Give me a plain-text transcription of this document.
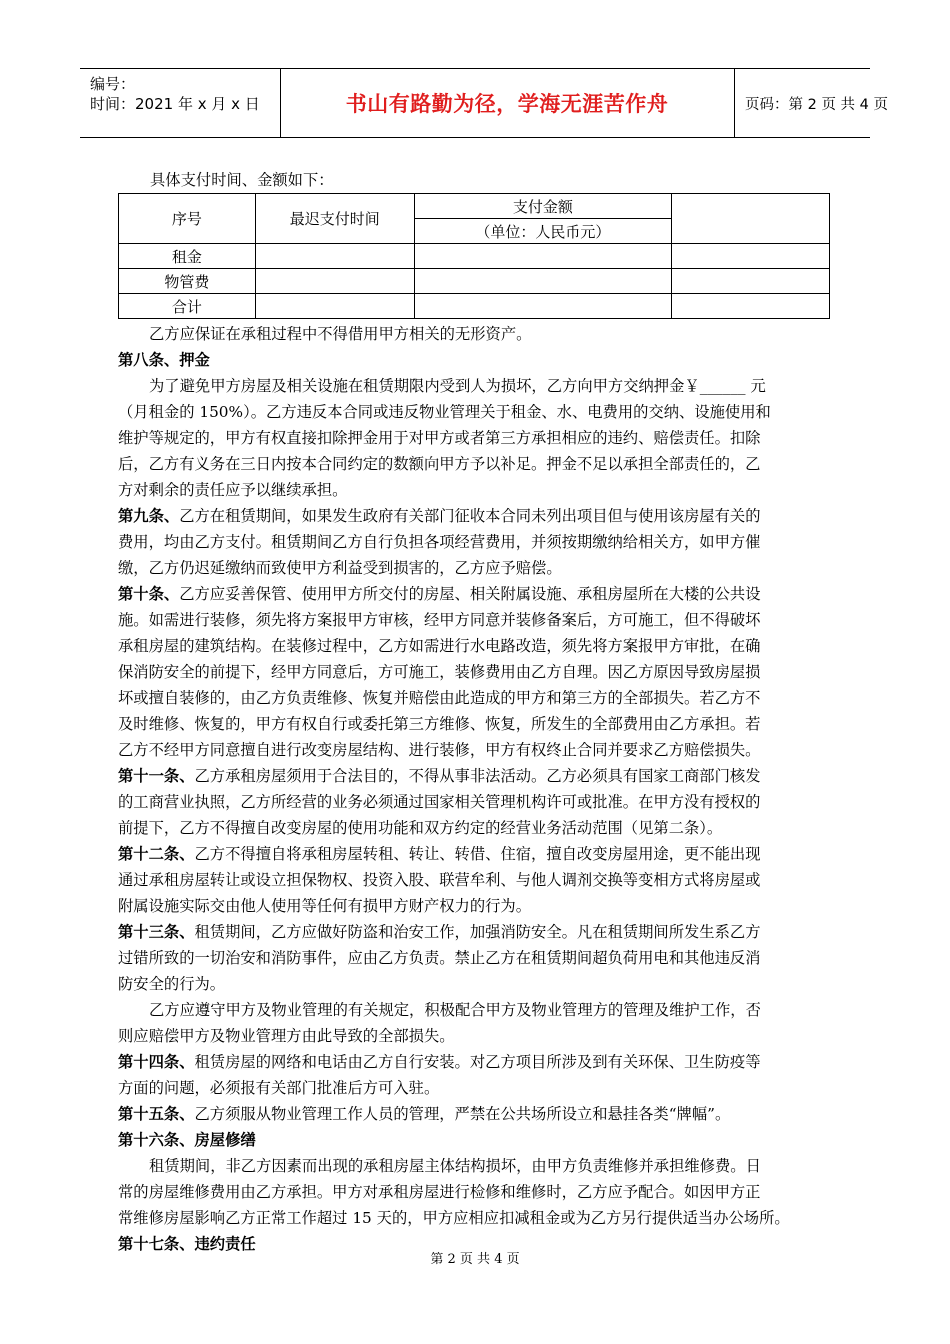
编号：
时间：2021 年 x 月 x 日	书山有路勤为径，学海无涯苦作舟	页码：第 2 页 共 4 页
具体支付时间、金额如下：
序号	最迟支付时间	支付金额	
		（单位：人民币元）	
租金			
物管费			
合计			
乙方应保证在承租过程中不得借用甲方相关的无形资产。
第八条、押金
为了避免甲方房屋及相关设施在租赁期限内受到人为损坏，乙方向甲方交纳押金￥______ 元
（月租金的 150%）。乙方违反本合同或违反物业管理关于租金、水、电费用的交纳、设施使用和
维护等规定的，甲方有权直接扣除押金用于对甲方或者第三方承担相应的违约、赔偿责任。扣除
后，乙方有义务在三日内按本合同约定的数额向甲方予以补足。押金不足以承担全部责任的，乙
方对剩余的责任应予以继续承担。
第九条、乙方在租赁期间，如果发生政府有关部门征收本合同未列出项目但与使用该房屋有关的
费用，均由乙方支付。租赁期间乙方自行负担各项经营费用，并须按期缴纳给相关方，如甲方催
缴，乙方仍迟延缴纳而致使甲方利益受到损害的，乙方应予赔偿。
第十条、乙方应妥善保管、使用甲方所交付的房屋、相关附属设施、承租房屋所在大楼的公共设
施。如需进行装修，须先将方案报甲方审核，经甲方同意并装修备案后，方可施工，但不得破坏
承租房屋的建筑结构。在装修过程中，乙方如需进行水电路改造，须先将方案报甲方审批，在确
保消防安全的前提下，经甲方同意后，方可施工，装修费用由乙方自理。因乙方原因导致房屋损
坏或擅自装修的，由乙方负责维修、恢复并赔偿由此造成的甲方和第三方的全部损失。若乙方不
及时维修、恢复的，甲方有权自行或委托第三方维修、恢复，所发生的全部费用由乙方承担。若
乙方不经甲方同意擅自进行改变房屋结构、进行装修，甲方有权终止合同并要求乙方赔偿损失。
第十一条、乙方承租房屋须用于合法目的，不得从事非法活动。乙方必须具有国家工商部门核发
的工商营业执照，乙方所经营的业务必须通过国家相关管理机构许可或批准。在甲方没有授权的
前提下，乙方不得擅自改变房屋的使用功能和双方约定的经营业务活动范围（见第二条）。
第十二条、乙方不得擅自将承租房屋转租、转让、转借、住宿，擅自改变房屋用途，更不能出现
通过承租房屋转让或设立担保物权、投资入股、联营牟利、与他人调剂交换等变相方式将房屋或
附属设施实际交由他人使用等任何有损甲方财产权力的行为。
第十三条、租赁期间，乙方应做好防盗和治安工作，加强消防安全。凡在租赁期间所发生系乙方
过错所致的一切治安和消防事件，应由乙方负责。禁止乙方在租赁期间超负荷用电和其他违反消
防安全的行为。
乙方应遵守甲方及物业管理的有关规定，积极配合甲方及物业管理方的管理及维护工作，否
则应赔偿甲方及物业管理方由此导致的全部损失。
第十四条、租赁房屋的网络和电话由乙方自行安装。对乙方项目所涉及到有关环保、卫生防疫等
方面的问题，必须报有关部门批准后方可入驻。
第十五条、乙方须服从物业管理工作人员的管理，严禁在公共场所设立和悬挂各类“牌幅”。
第十六条、房屋修缮
租赁期间，非乙方因素而出现的承租房屋主体结构损坏，由甲方负责维修并承担维修费。日
常的房屋维修费用由乙方承担。甲方对承租房屋进行检修和维修时，乙方应予配合。如因甲方正
常维修房屋影响乙方正常工作超过 15 天的，甲方应相应扣减租金或为乙方另行提供适当办公场所。
第十七条、违约责任
第 2 页 共 4 页
